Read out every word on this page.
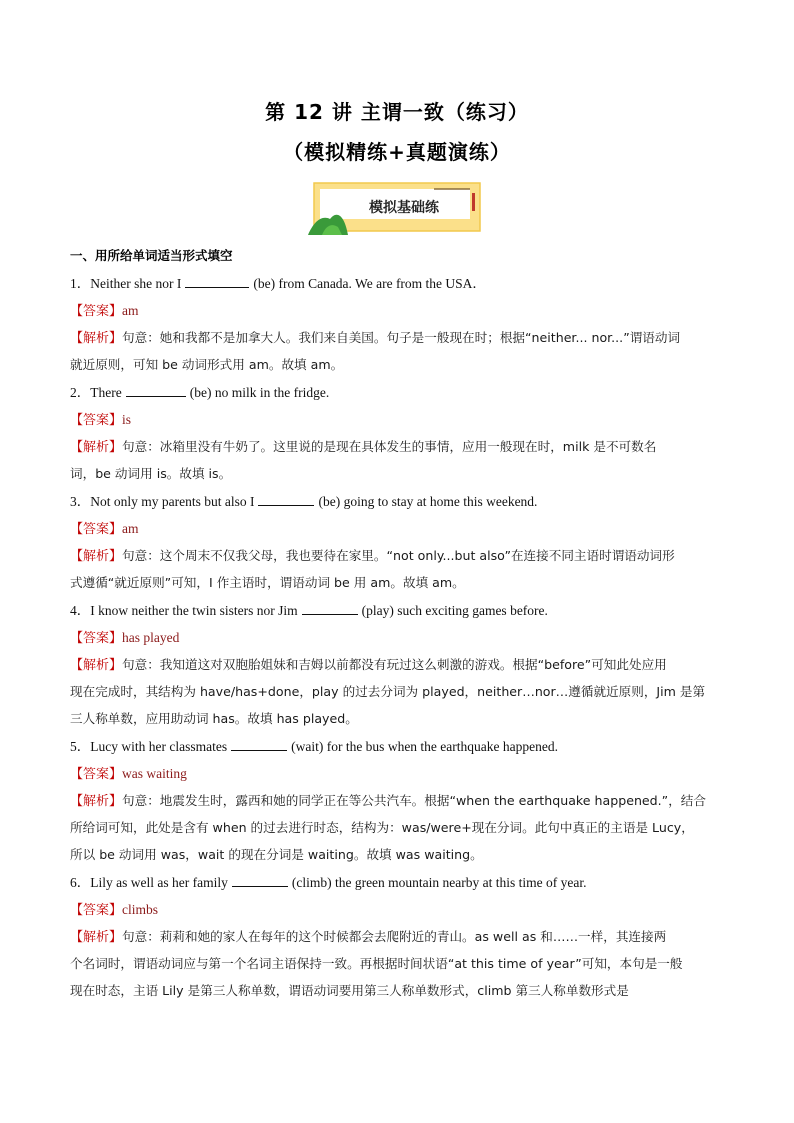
第 12 讲 主谓一致（练习）
（模拟精练+真题演练）
模拟基础练
一、用所给单词适当形式填空
1．Neither she nor I	(be) from Canada. We are from the USA．
【答案】am
【解析】句意：她和我都不是加拿大人。我们来自美国。句子是一般现在时；根据“neither... nor...”谓语动词
就近原则，可知 be 动词形式用 am。故填 am。
2．There	(be) no milk in the fridge.
【答案】is
【解析】句意：冰箱里没有牛奶了。这里说的是现在具体发生的事情，应用一般现在时，milk 是不可数名
词，be 动词用 is。故填 is。
3．Not only my parents but also I	(be) going to stay at home this weekend.
【答案】am
【解析】句意：这个周末不仅我父母，我也要待在家里。“not only...but also”在连接不同主语时谓语动词形
式遵循“就近原则”可知，I 作主语时，谓语动词 be 用 am。故填 am。
4．I know neither the twin sisters nor Jim	(play) such exciting games before.
【答案】has played
【解析】句意：我知道这对双胞胎姐妹和吉姆以前都没有玩过这么刺激的游戏。根据“before”可知此处应用
现在完成时，其结构为 have/has+done，play 的过去分词为 played，neither…nor…遵循就近原则，Jim 是第
三人称单数，应用助动词 has。故填 has played。
5．Lucy with her classmates	(wait) for the bus when the earthquake happened.
【答案】was waiting
【解析】句意：地震发生时，露西和她的同学正在等公共汽车。根据“when the earthquake happened.”，结合
所给词可知，此处是含有 when 的过去进行时态，结构为：was/were+现在分词。此句中真正的主语是 Lucy，
所以 be 动词用 was，wait 的现在分词是 waiting。故填 was waiting。
6．Lily as well as her family	(climb) the green mountain nearby at this time of year.
【答案】climbs
【解析】句意：莉莉和她的家人在每年的这个时候都会去爬附近的青山。as well as 和……一样，其连接两
个名词时，谓语动词应与第一个名词主语保持一致。再根据时间状语“at this time of year”可知，本句是一般
现在时态，主语 Lily 是第三人称单数，谓语动词要用第三人称单数形式，climb 第三人称单数形式是
